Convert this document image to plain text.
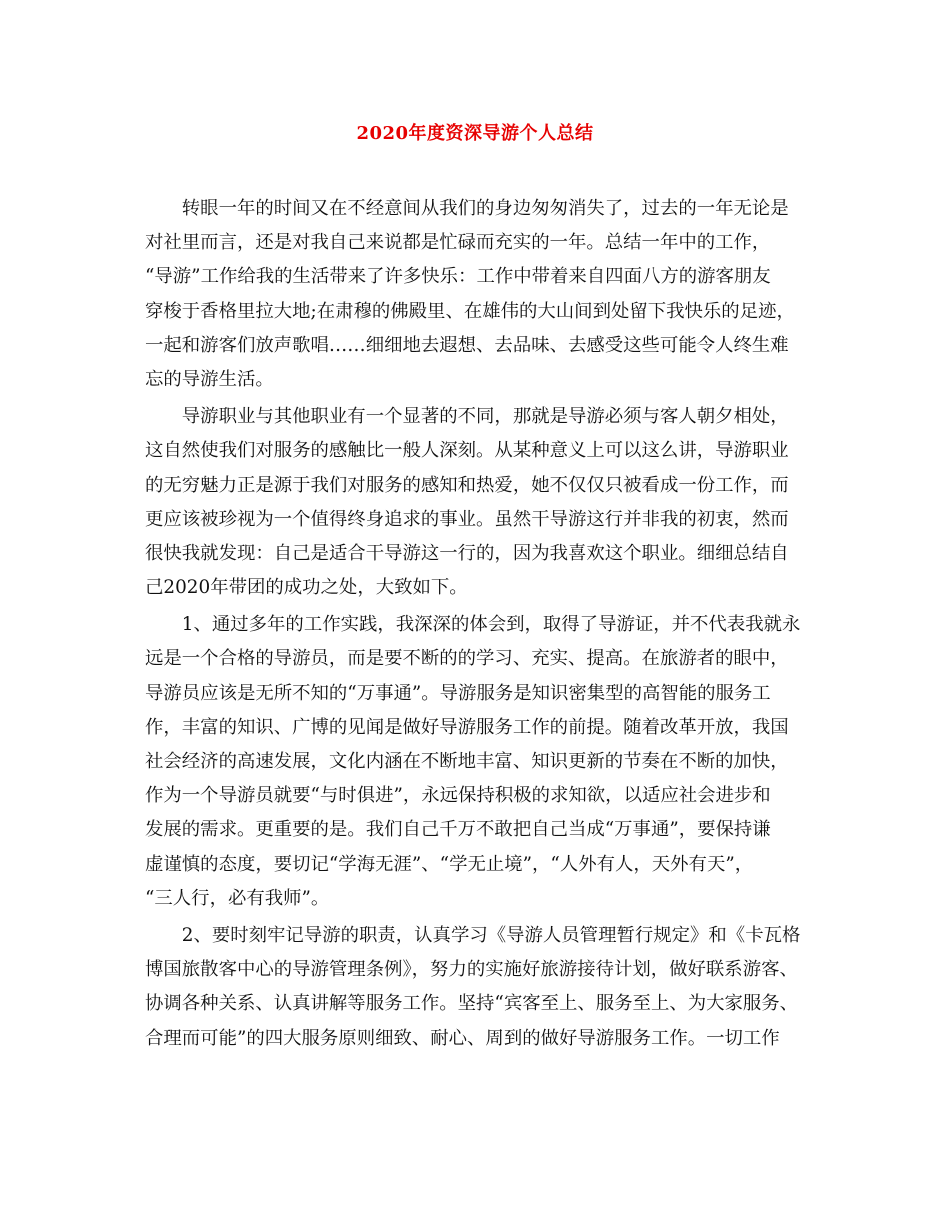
2020年度资深导游个人总结
　　转眼一年的时间又在不经意间从我们的身边匆匆消失了，过去的一年无论是
对社里而言，还是对我自己来说都是忙碌而充实的一年。总结一年中的工作，
“导游”工作给我的生活带来了许多快乐：工作中带着来自四面八方的游客朋友
穿梭于香格里拉大地;在肃穆的佛殿里、在雄伟的大山间到处留下我快乐的足迹，
一起和游客们放声歌唱……细细地去遐想、去品味、去感受这些可能令人终生难
忘的导游生活。
　　导游职业与其他职业有一个显著的不同，那就是导游必须与客人朝夕相处，
这自然使我们对服务的感触比一般人深刻。从某种意义上可以这么讲，导游职业
的无穷魅力正是源于我们对服务的感知和热爱，她不仅仅只被看成一份工作，而
更应该被珍视为一个值得终身追求的事业。虽然干导游这行并非我的初衷，然而
很快我就发现：自己是适合干导游这一行的，因为我喜欢这个职业。细细总结自
己2020年带团的成功之处，大致如下。
　　1、通过多年的工作实践，我深深的体会到，取得了导游证，并不代表我就永
远是一个合格的导游员，而是要不断的的学习、充实、提高。在旅游者的眼中，
导游员应该是无所不知的“万事通”。导游服务是知识密集型的高智能的服务工
作，丰富的知识、广博的见闻是做好导游服务工作的前提。随着改革开放，我国
社会经济的高速发展，文化内涵在不断地丰富、知识更新的节奏在不断的加快，
作为一个导游员就要“与时俱进”，永远保持积极的求知欲，以适应社会进步和
发展的需求。更重要的是。我们自己千万不敢把自己当成“万事通”，要保持谦
虚谨慎的态度，要切记“学海无涯”、“学无止境”，“人外有人，天外有天”，
“三人行，必有我师”。
　　2、要时刻牢记导游的职责，认真学习《导游人员管理暂行规定》和《卡瓦格
博国旅散客中心的导游管理条例》，努力的实施好旅游接待计划，做好联系游客、
协调各种关系、认真讲解等服务工作。坚持“宾客至上、服务至上、为大家服务、
合理而可能”的四大服务原则细致、耐心、周到的做好导游服务工作。一切工作
